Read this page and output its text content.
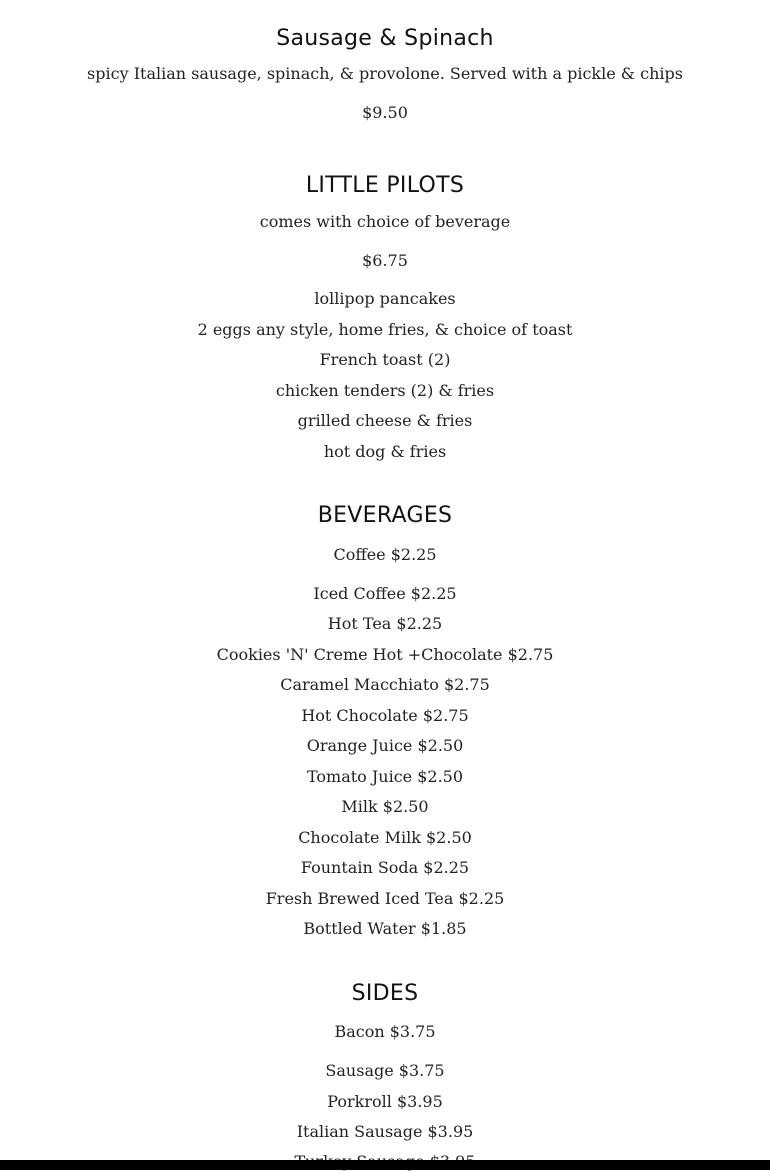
Sausage & Spinach
spicy Italian sausage, spinach, & provolone. Served with a pickle & chips
$9.50
LITTLE PILOTS
comes with choice of beverage
$6.75
lollipop pancakes
2 eggs any style, home fries, & choice of toast
French toast (2)
chicken tenders (2) & fries
grilled cheese & fries
hot dog & fries
BEVERAGES
Coffee $2.25
Iced Coffee $2.25
Hot Tea $2.25
Cookies 'N' Creme Hot +Chocolate $2.75
Caramel Macchiato $2.75
Hot Chocolate $2.75
Orange Juice $2.50
Tomato Juice $2.50
Milk $2.50
Chocolate Milk $2.50
Fountain Soda $2.25
Fresh Brewed Iced Tea $2.25
Bottled Water $1.85
SIDES
Bacon $3.75
Sausage $3.75
Porkroll $3.95
Italian Sausage $3.95
